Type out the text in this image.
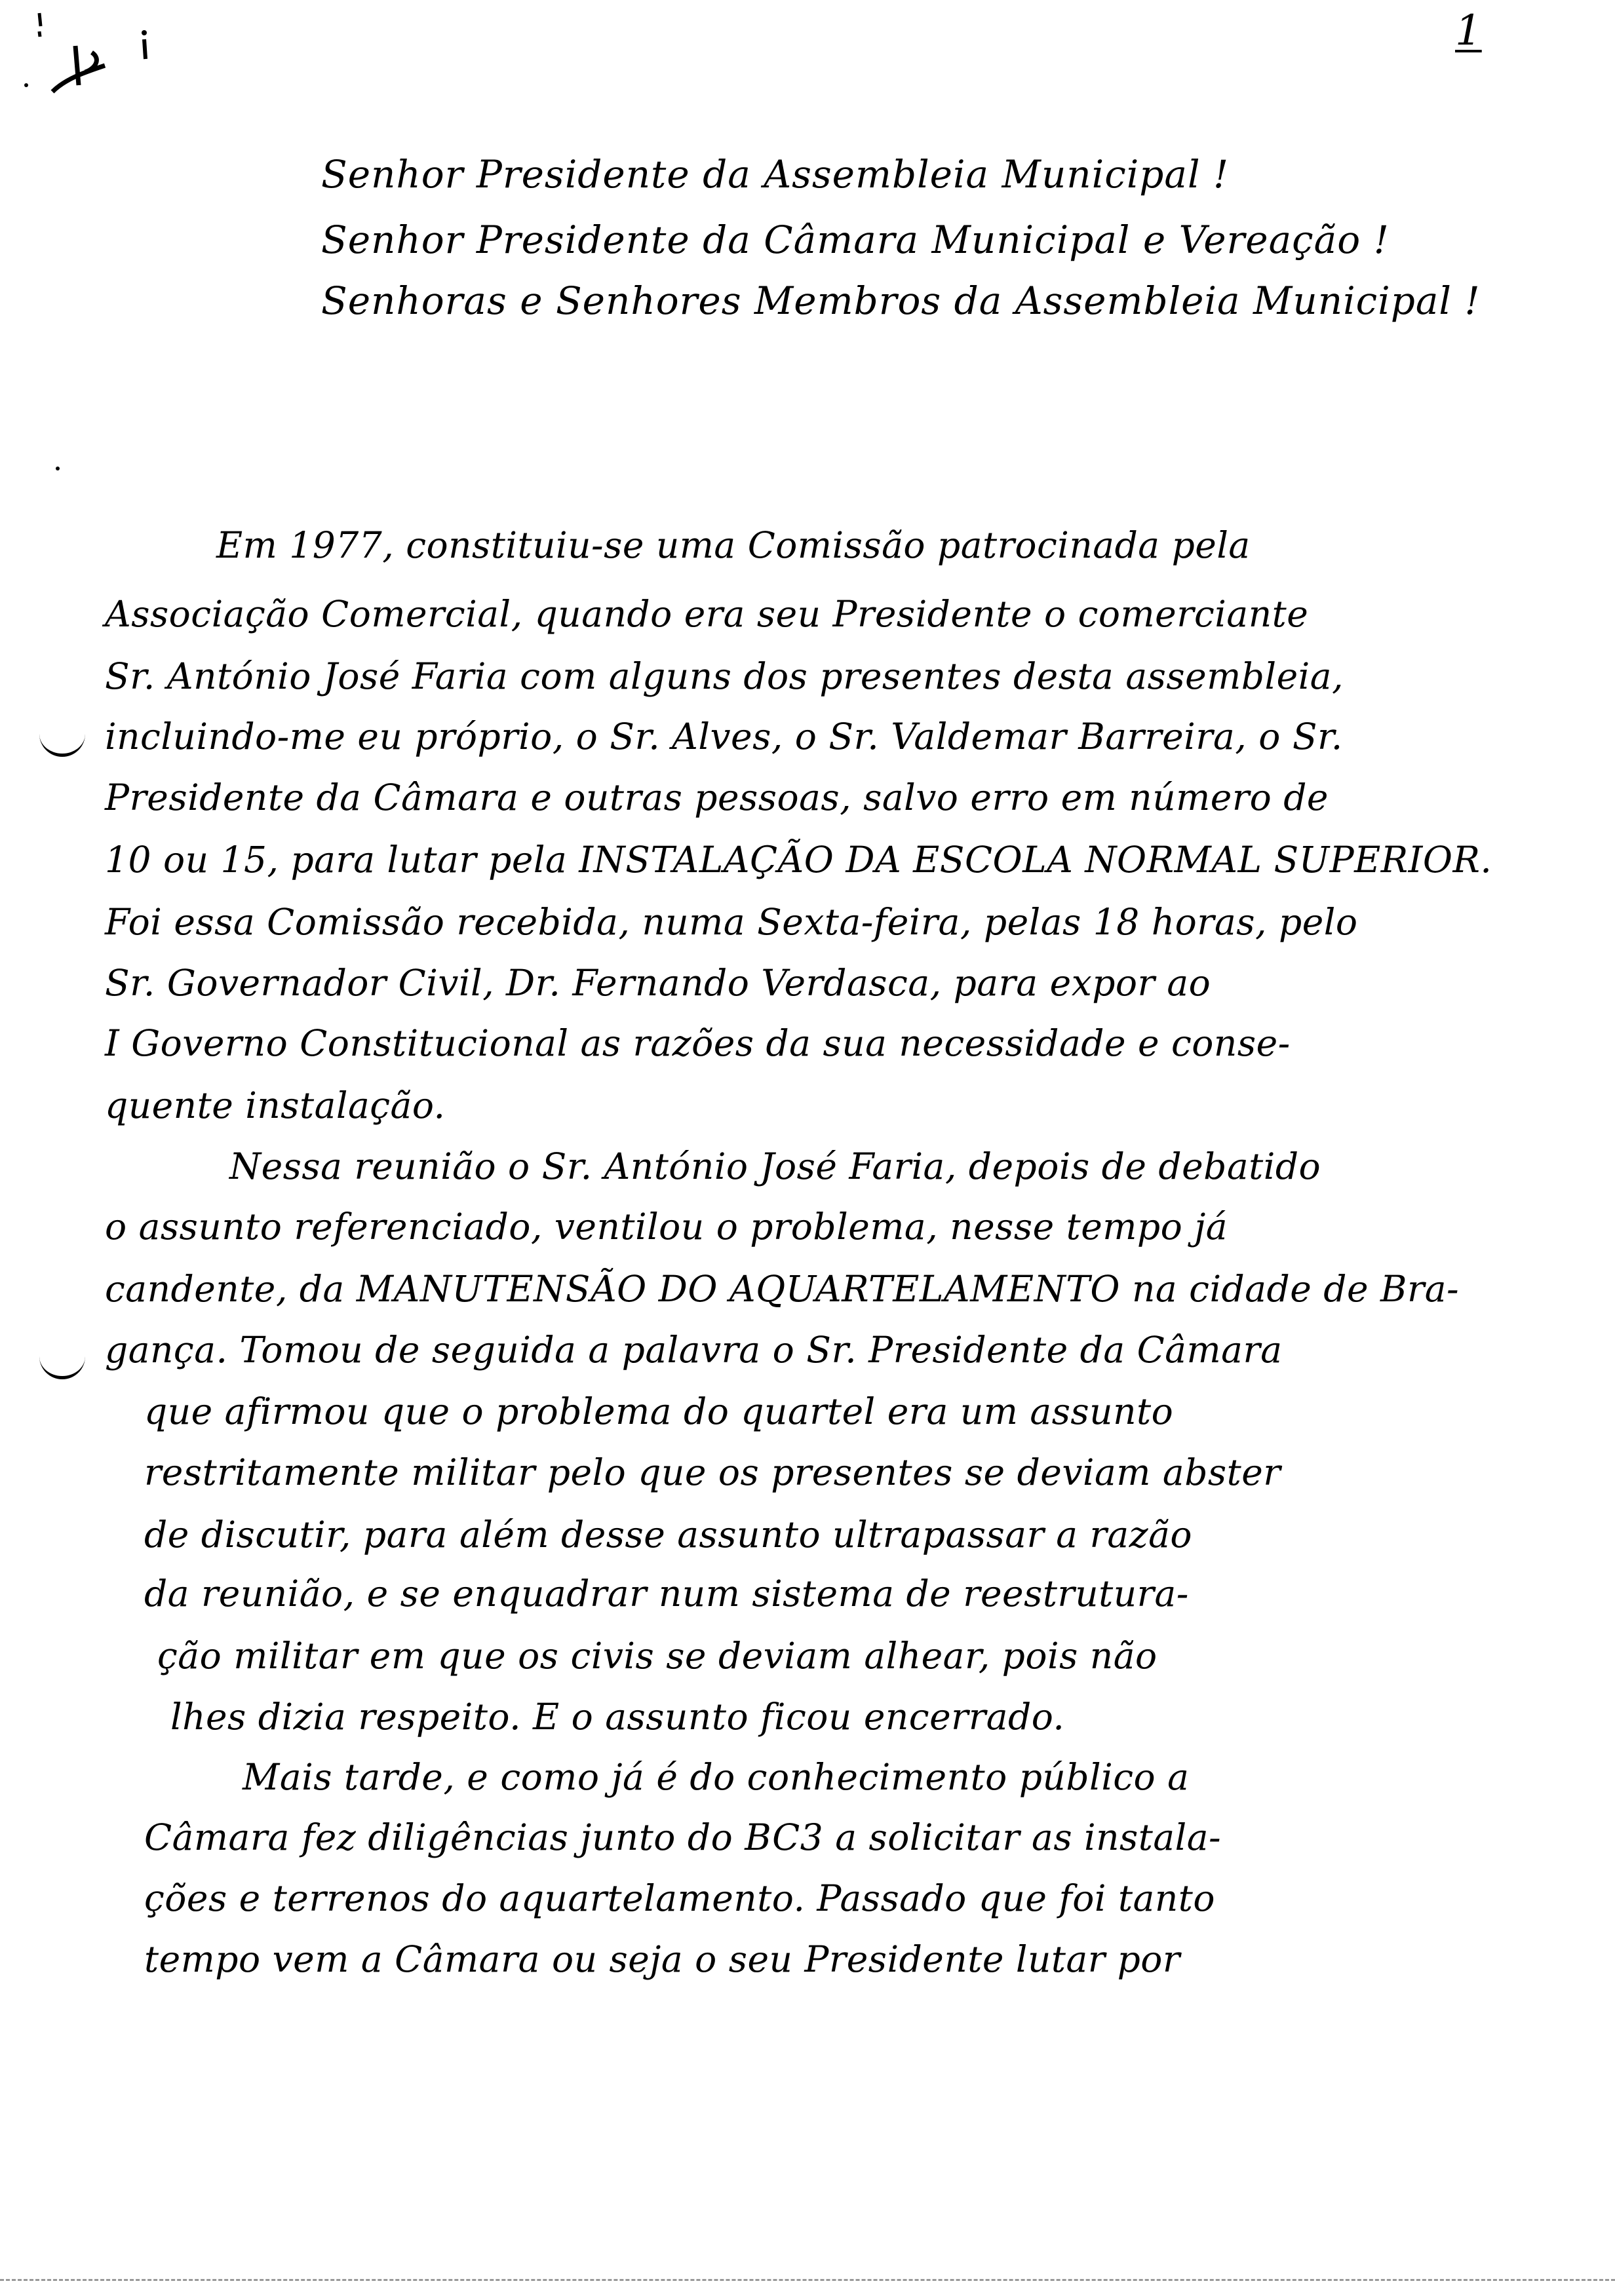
1
Senhor Presidente da Assembleia Municipal !
Senhor Presidente da Câmara Municipal e Vereação !
Senhoras e Senhores Membros da Assembleia Municipal !
Em 1977, constituiu-se uma Comissão patrocinada pela
Associação Comercial, quando era seu Presidente o comerciante
Sr. António José Faria com alguns dos presentes desta assembleia,
incluindo-me eu próprio, o Sr. Alves, o Sr. Valdemar Barreira, o Sr.
Presidente da Câmara e outras pessoas, salvo erro em número de
10 ou 15, para lutar pela INSTALAÇÃO DA ESCOLA NORMAL SUPERIOR.
Foi essa Comissão recebida, numa Sexta-feira, pelas 18 horas, pelo
Sr. Governador Civil, Dr. Fernando Verdasca, para expor ao
I Governo Constitucional as razões da sua necessidade e conse-
quente instalação.
Nessa reunião o Sr. António José Faria, depois de debatido
o assunto referenciado, ventilou o problema, nesse tempo já
candente, da MANUTENSÃO DO AQUARTELAMENTO na cidade de Bra-
gança. Tomou de seguida a palavra o Sr. Presidente da Câmara
que afirmou que o problema do quartel era um assunto
restritamente militar pelo que os presentes se deviam abster
de discutir, para além desse assunto ultrapassar a razão
da reunião, e se enquadrar num sistema de reestrutura-
ção militar em que os civis se deviam alhear, pois não
lhes dizia respeito. E o assunto ficou encerrado.
Mais tarde, e como já é do conhecimento público a
Câmara fez diligências junto do BC3 a solicitar as instala-
ções e terrenos do aquartelamento. Passado que foi tanto
tempo vem a Câmara ou seja o seu Presidente lutar por
